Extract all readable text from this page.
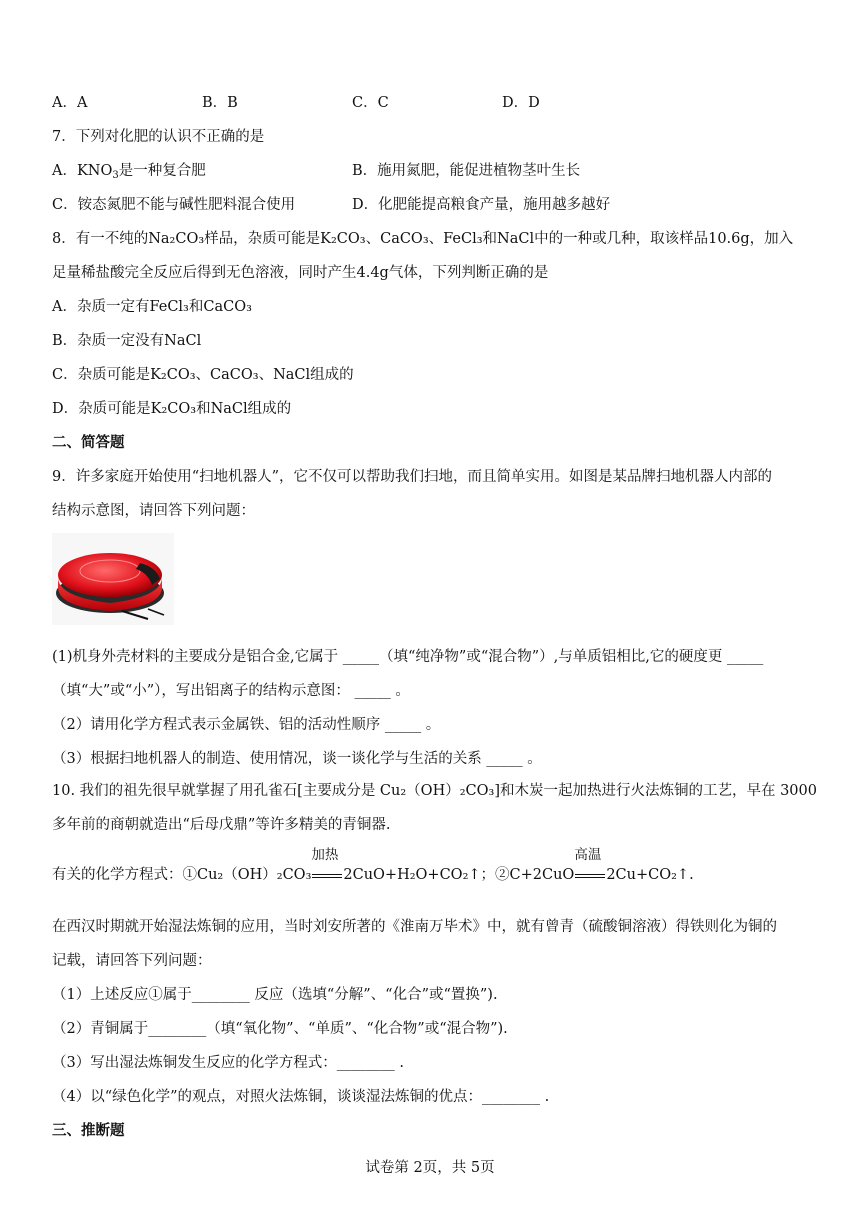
A．A	B．B	C．C	D．D
7．下列对化肥的认识不正确的是
A．$KNO_3$是一种复合肥	B．施用氮肥，能促进植物茎叶生长
C．铵态氮肥不能与碱性肥料混合使用	D．化肥能提高粮食产量，施用越多越好
8．有一不纯的Na₂CO₃样品，杂质可能是K₂CO₃、CaCO₃、FeCl₃和NaCl中的一种或几种，取该样品10.6g，加入
足量稀盐酸完全反应后得到无色溶液，同时产生4.4g气体，下列判断正确的是
A．杂质一定有FeCl₃和CaCO₃
B．杂质一定没有NaCl
C．杂质可能是K₂CO₃、CaCO₃、NaCl组成的
D．杂质可能是K₂CO₃和NaCl组成的
二、简答题
9．许多家庭开始使用“扫地机器人”，它不仅可以帮助我们扫地，而且简单实用。如图是某品牌扫地机器人内部的
结构示意图，请回答下列问题：
(1)机身外壳材料的主要成分是铝合金,它属于 _____（填“纯净物”或“混合物”）,与单质铝相比,它的硬度更 _____
（填“大”或“小”），写出铝离子的结构示意图： _____ 。
（2）请用化学方程式表示金属铁、铝的活动性顺序 _____ 。
（3）根据扫地机器人的制造、使用情况，谈一谈化学与生活的关系 _____ 。
10. 我们的祖先很早就掌握了用孔雀石[主要成分是 Cu₂（OH）₂CO₃]和木炭一起加热进行火法炼铜的工艺，早在 3000
多年前的商朝就造出“后母戊鼎”等许多精美的青铜器.
有关的化学方程式：①Cu₂（OH）₂CO₃
加热
2CuO+H₂O+CO₂↑；②C+2CuO
高温
2Cu+CO₂↑.
在西汉时期就开始湿法炼铜的应用，当时刘安所著的《淮南万毕术》中，就有曾青（硫酸铜溶液）得铁则化为铜的
记载，请回答下列问题：
（1）上述反应①属于________ 反应（选填“分解”、“化合”或“置换”).
（2）青铜属于________（填“氧化物”、“单质”、“化合物”或“混合物”).
（3）写出湿法炼铜发生反应的化学方程式：________ .
（4）以“绿色化学”的观点，对照火法炼铜，谈谈湿法炼铜的优点：________ .
三、推断题
试卷第 2页，共 5页
